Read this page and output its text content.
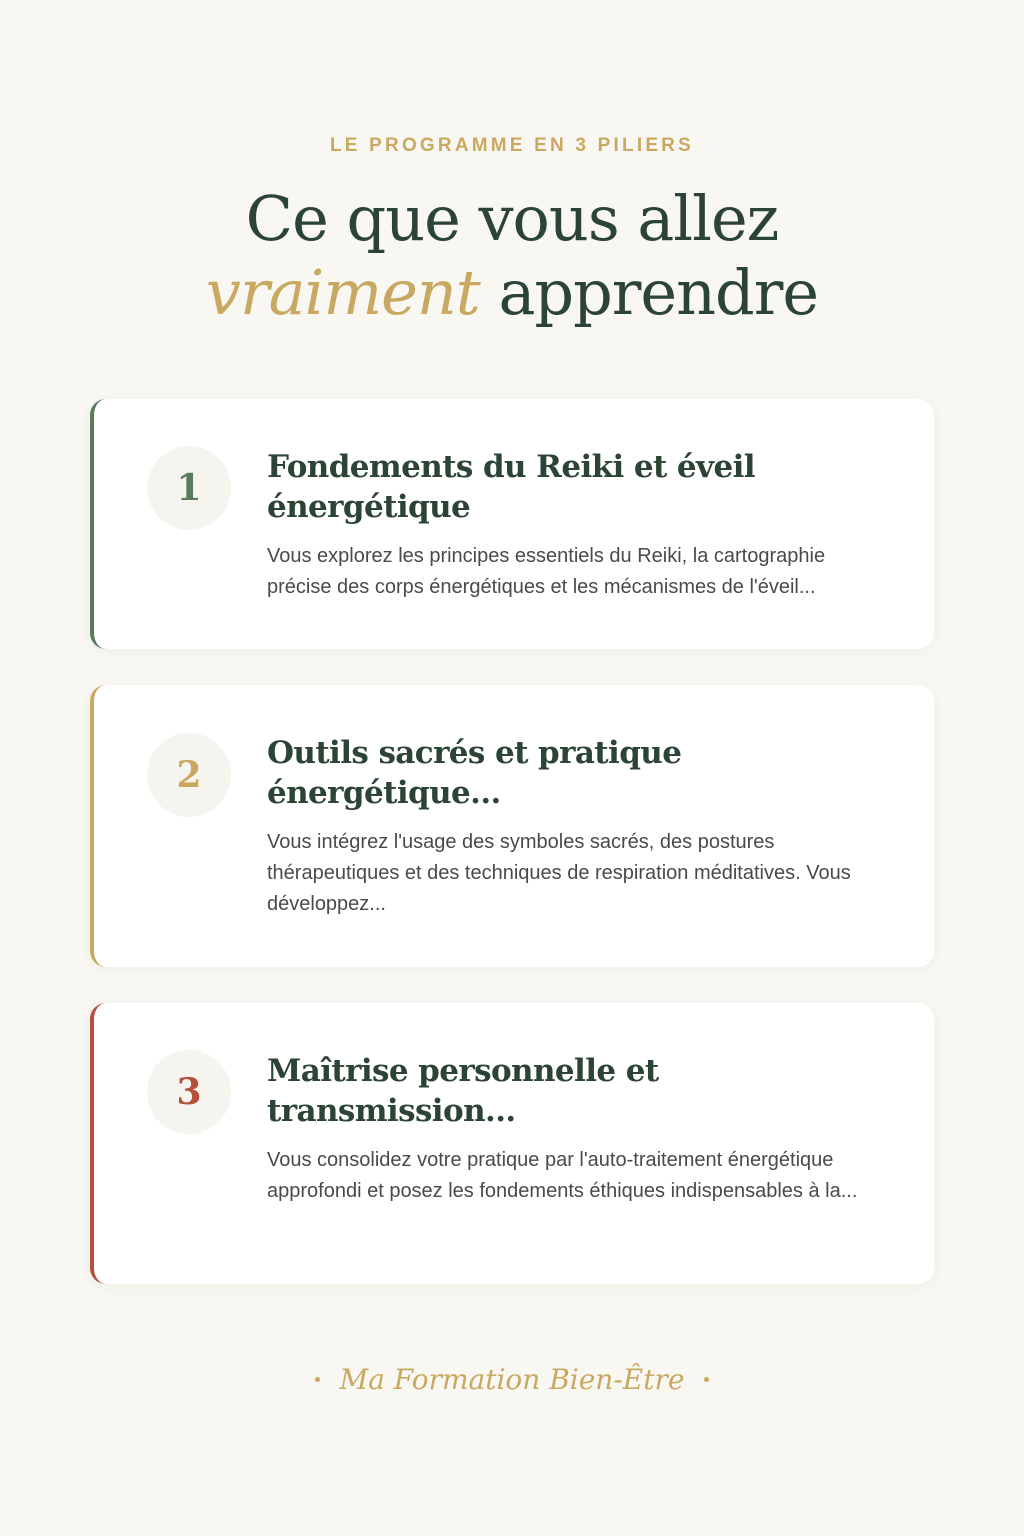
LE PROGRAMME EN 3 PILIERS
Ce que vous allez
vraiment apprendre
1	Fondements du Reiki et éveil énergétique

Vous explorez les principes essentiels du Reiki, la cartographie précise des corps énergétiques et les mécanismes de l'éveil...

2
Outils sacrés et pratique énergétique...

Vous intégrez l'usage des symboles sacrés, des postures thérapeutiques et des techniques de respiration méditatives. Vous développez...

3	Maîtrise personnelle et transmission...

Vous consolidez votre pratique par l'auto-traitement énergétique approfondi et posez les fondements éthiques indispensables à la...

Ma Formation Bien-Être
